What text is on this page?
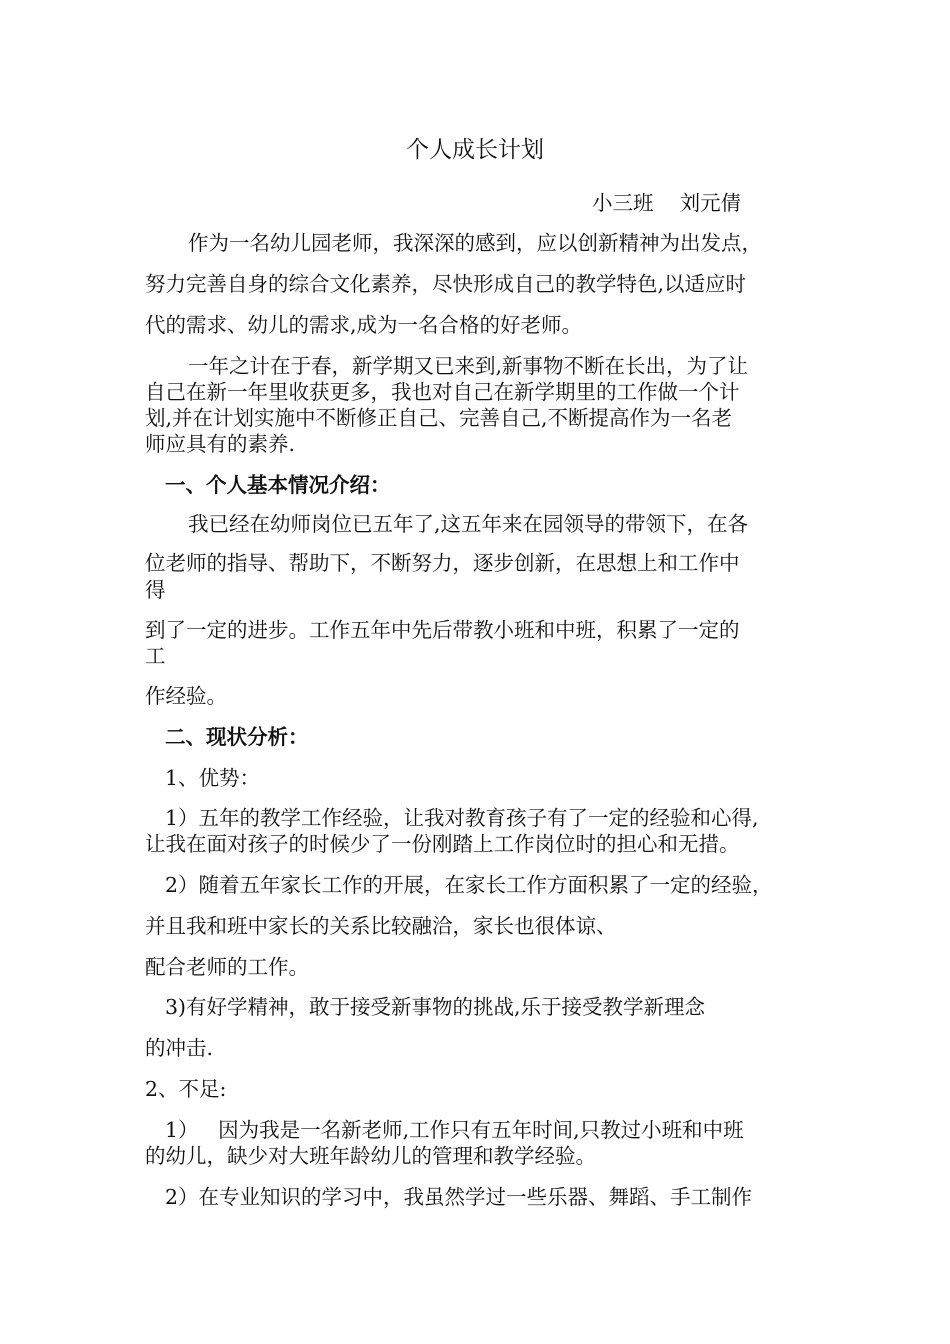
个人成长计划
小三班    刘元倩

作为一名幼儿园老师，我深深的感到，应以创新精神为出发点，

努力完善自身的综合文化素养，尽快形成自己的教学特色,以适应时

代的需求、幼儿的需求,成为一名合格的好老师。

一年之计在于春，新学期又已来到,新事物不断在长出，为了让

自己在新一年里收获更多，我也对自己在新学期里的工作做一个计

划,并在计划实施中不断修正自己、完善自己,不断提高作为一名老

师应具有的素养.

一、个人基本情况介绍：

我已经在幼师岗位已五年了,这五年来在园领导的带领下，在各

位老师的指导、帮助下，不断努力，逐步创新，在思想上和工作中

得

到了一定的进步。工作五年中先后带教小班和中班，积累了一定的

工

作经验。

二、现状分析：

1、优势：

1）五年的教学工作经验，让我对教育孩子有了一定的经验和心得,

让我在面对孩子的时候少了一份刚踏上工作岗位时的担心和无措。

2）随着五年家长工作的开展，在家长工作方面积累了一定的经验，

并且我和班中家长的关系比较融洽，家长也很体谅、

配合老师的工作。

3)有好学精神，敢于接受新事物的挑战,乐于接受教学新理念

的冲击.

2、不足:

1）   因为我是一名新老师,工作只有五年时间,只教过小班和中班

的幼儿，缺少对大班年龄幼儿的管理和教学经验。

2）在专业知识的学习中，我虽然学过一些乐器、舞蹈、手工制作
